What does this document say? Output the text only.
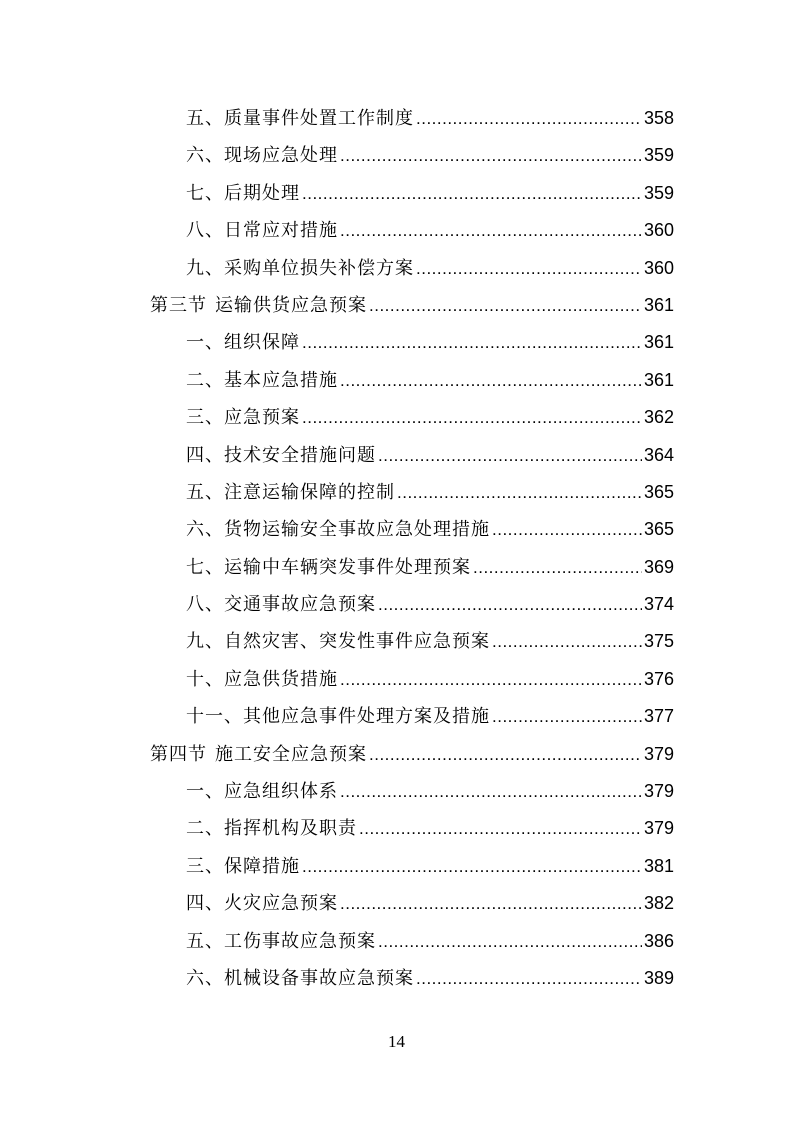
五、质量事件处置工作制度 .....	358
六、现场应急处理 .....	359
七、后期处理 .....	359
八、日常应对措施 .....	360
九、采购单位损失补偿方案 .....	360
第三节 运输供货应急预案 .....	361
一、组织保障 .....	361
二、基本应急措施 .....	361
三、应急预案 .....	362
四、技术安全措施问题 .....	364
五、注意运输保障的控制 .....	365
六、货物运输安全事故应急处理措施 .....	365
七、运输中车辆突发事件处理预案 .....	369
八、交通事故应急预案 .....	374
九、自然灾害、突发性事件应急预案 .....	375
十、应急供货措施 .....	376
十一、其他应急事件处理方案及措施 .....	377
第四节 施工安全应急预案 .....	379
一、应急组织体系 .....	379
二、指挥机构及职责 .....	379
三、保障措施 .....	381
四、火灾应急预案 .....	382
五、工伤事故应急预案 .....	386
六、机械设备事故应急预案 .....	389
14
